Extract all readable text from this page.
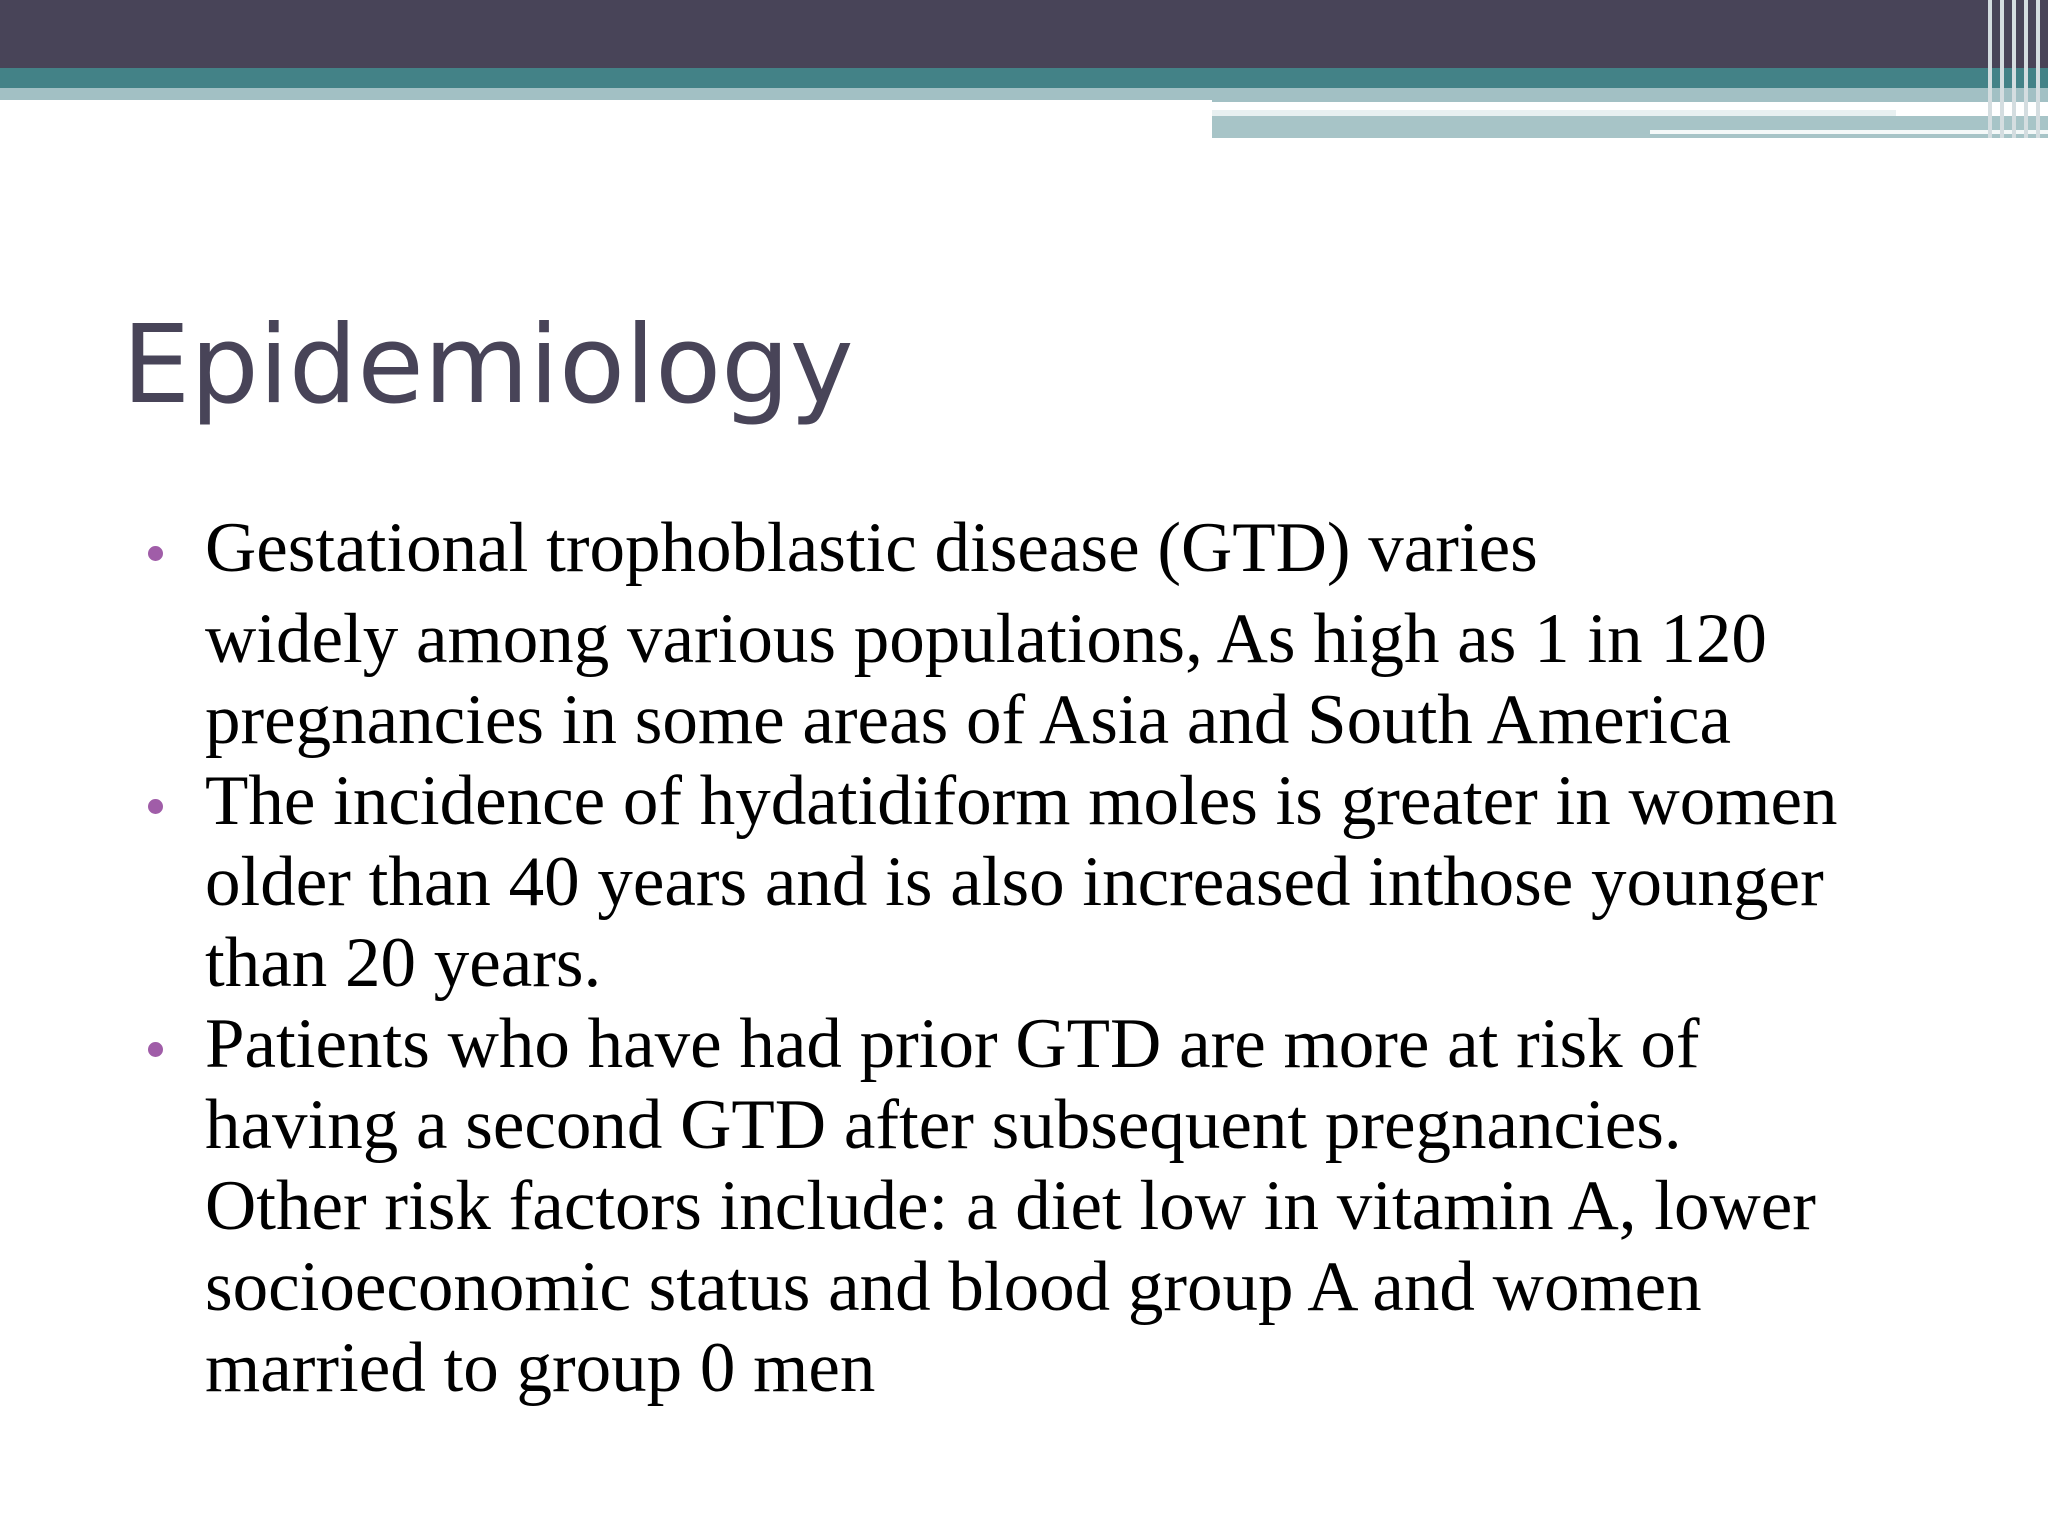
Epidemiology
Gestational trophoblastic disease (GTD) varies
widely among various populations, As high as 1 in 120
pregnancies in some areas of Asia and South America
The incidence of hydatidiform moles is greater in women
older than 40 years and is also increased inthose younger
than 20 years.
Patients who have had prior GTD are more at risk of
having a second GTD after subsequent pregnancies.
Other risk factors include: a diet low in vitamin A, lower
socioeconomic status and blood group A and women
married to group 0 men
